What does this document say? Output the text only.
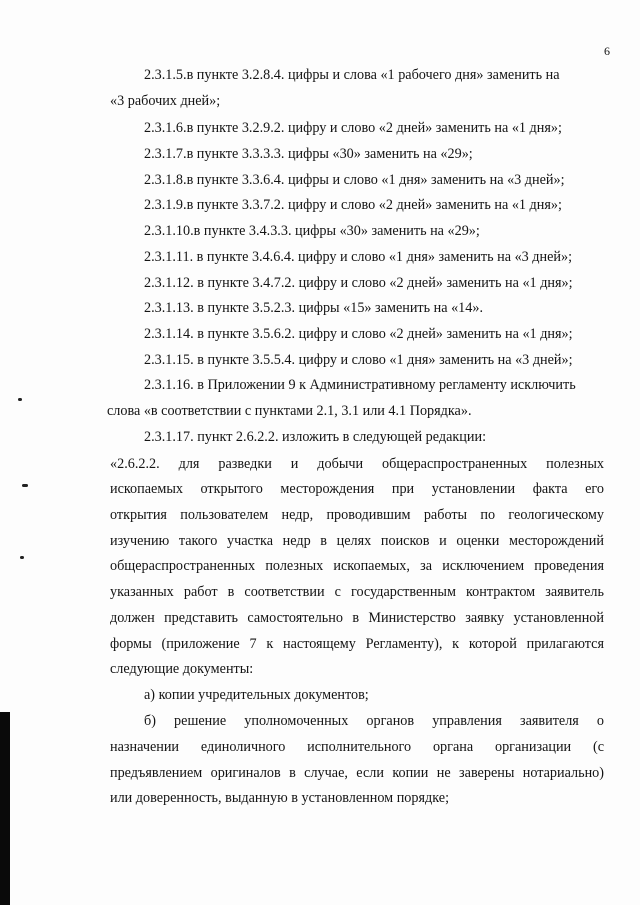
6
2.3.1.5.в пункте 3.2.8.4. цифры и слова «1 рабочего дня» заменить на
«3 рабочих дней»;
2.3.1.6.в пункте 3.2.9.2. цифру и слово «2 дней» заменить на «1 дня»;
2.3.1.7.в пункте 3.3.3.3. цифры «30» заменить на «29»;
2.3.1.8.в пункте 3.3.6.4. цифры и слово «1 дня» заменить на «3 дней»;
2.3.1.9.в пункте 3.3.7.2. цифру и слово «2 дней» заменить на «1 дня»;
2.3.1.10.в пункте 3.4.3.3. цифры «30» заменить на «29»;
2.3.1.11. в пункте 3.4.6.4. цифру и слово «1 дня» заменить на «3 дней»;
2.3.1.12. в пункте 3.4.7.2. цифру и слово «2 дней» заменить на «1 дня»;
2.3.1.13. в пункте 3.5.2.3. цифры «15» заменить на «14».
2.3.1.14. в пункте 3.5.6.2. цифру и слово «2 дней» заменить на «1 дня»;
2.3.1.15. в пункте 3.5.5.4. цифру и слово «1 дня» заменить на «3 дней»;
2.3.1.16. в Приложении 9 к Административному регламенту исключить
слова «в соответствии с пунктами 2.1, 3.1 или 4.1 Порядка».
2.3.1.17. пункт 2.6.2.2. изложить в следующей редакции:
«2.6.2.2. для разведки и добычи общераспространенных полезных
ископаемых открытого месторождения при установлении факта его
открытия пользователем недр, проводившим работы по геологическому
изучению такого участка недр в целях поисков и оценки месторождений
общераспространенных полезных ископаемых, за исключением проведения
указанных работ в соответствии с государственным контрактом заявитель
должен представить самостоятельно в Министерство заявку установленной
формы (приложение 7 к настоящему Регламенту), к которой прилагаются
следующие документы:
а) копии учредительных документов;
б) решение уполномоченных органов управления заявителя о
назначении единоличного исполнительного органа организации (с
предъявлением оригиналов в случае, если копии не заверены нотариально)
или доверенность, выданную в установленном порядке;
